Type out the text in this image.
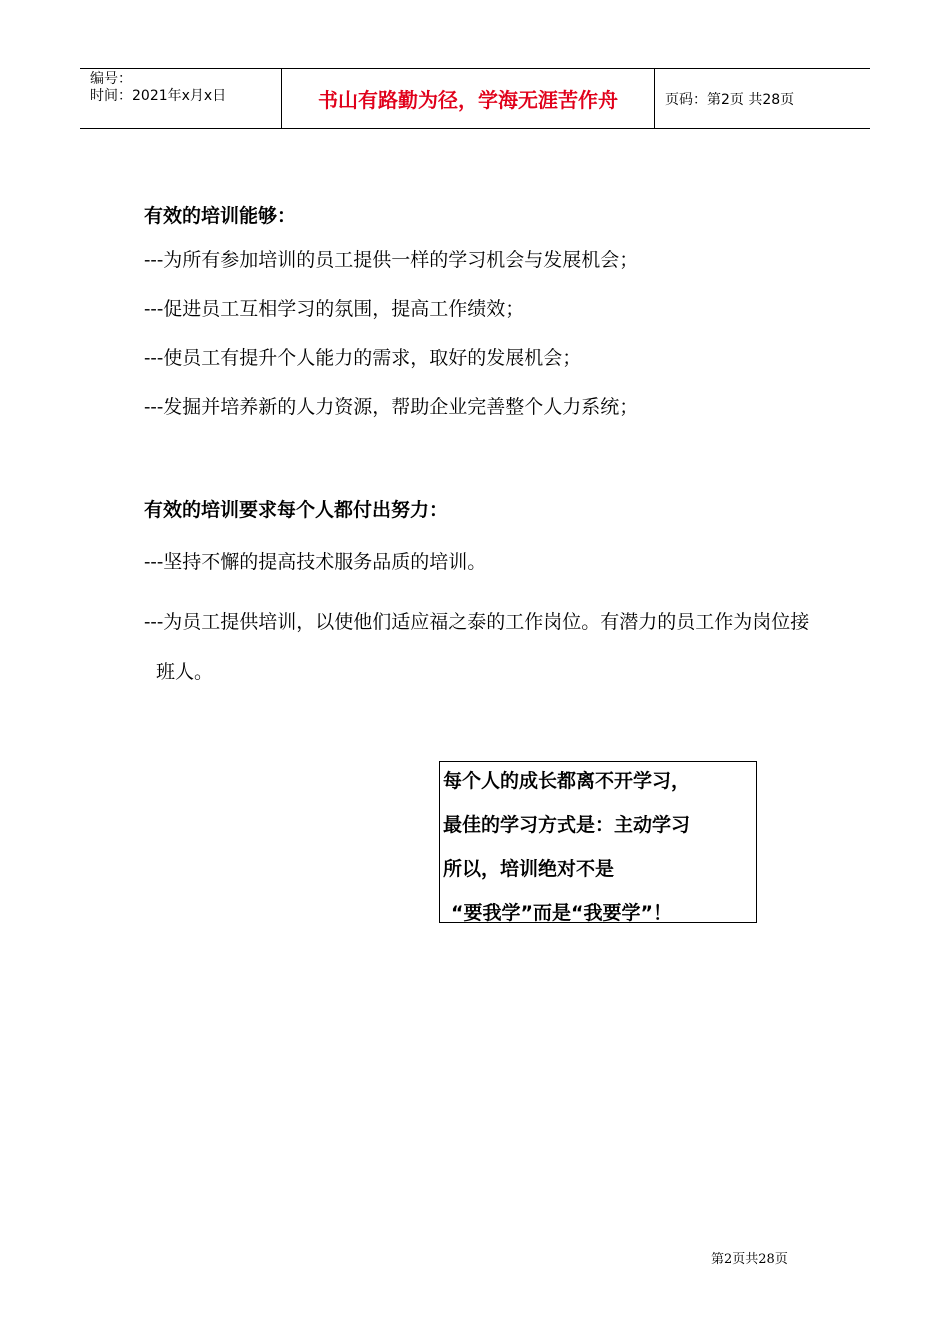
编号：
时间：2021年x月x日	书山有路勤为径，学海无涯苦作舟	页码：第2页 共28页

有效的培训能够：

---为所有参加培训的员工提供一样的学习机会与发展机会；

---促进员工互相学习的氛围，提高工作绩效；

---使员工有提升个人能力的需求，取好的发展机会；

---发掘并培养新的人力资源，帮助企业完善整个人力系统；

有效的培训要求每个人都付出努力：

---坚持不懈的提高技术服务品质的培训。

---为员工提供培训，以使他们适应福之泰的工作岗位。有潜力的员工作为岗位接班人。

每个人的成长都离不开学习，

最佳的学习方式是：主动学习

所以，培训绝对不是

“要我学”而是“我要学”！

第2页共28页
